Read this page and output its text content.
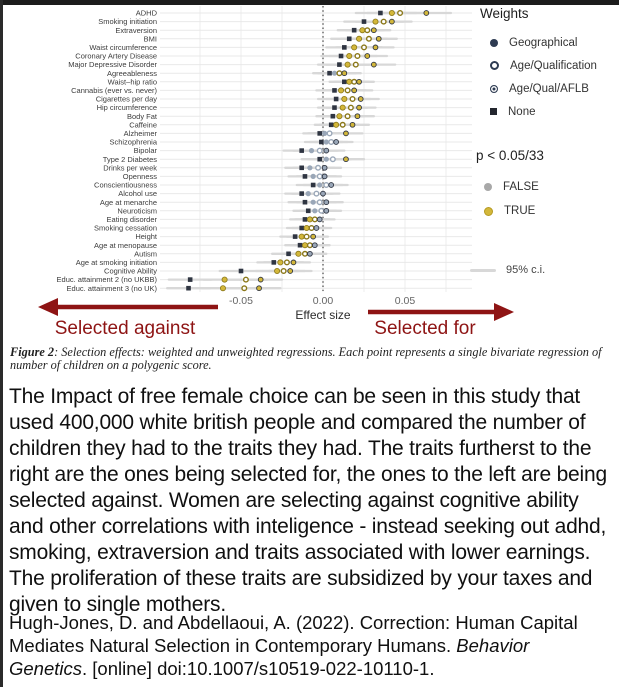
ADHD
Smoking initiation
Extraversion
BMI
Waist circumference
Coronary Artery Disease
Major Depressive Disorder
Agreeableness
Waist–hip ratio
Cannabis (ever vs. never)
Cigarettes per day
Hip circumference
Body Fat
Caffeine
Alzheimer
Schizophrenia
Bipolar
Type 2 Diabetes
Drinks per week
Openness
Conscientiousness
Alcohol use
Age at menarche
Neuroticism
Eating disorder
Smoking cessation
Height
Age at menopause
Autism
Age at smoking initiation
Cognitive Ability
Educ. attainment 2 (no UKBB)
Educ. attainment 3 (no UK)
-0.05	0.00	0.05
Effect size
Weights
Geographical
Age/Qualification
Age/Qual/AFLB
None
p < 0.05/33
FALSE
TRUE
95% c.i.
Selected against	Selected for
Figure 2: Selection effects: weighted and unweighted regressions. Each point represents a single bivariate regression of number of children on a polygenic score.
The Impact of free female choice can be seen in this study that used 400,000 white british people and compared the number of children they had to the traits they had. The traits furtherst to the right are the ones being selected for, the ones to the left are being selected against. Women are selecting against cognitive ability and other correlations with inteligence - instead seeking out adhd, smoking, extraversion and traits associated with lower earnings. The proliferation of these traits are subsidized by your taxes and given to single mothers.
Hugh-Jones, D. and Abdellaoui, A. (2022). Correction: Human Capital Mediates Natural Selection in Contemporary Humans. Behavior Genetics. [online] doi:10.1007/s10519-022-10110-1.
